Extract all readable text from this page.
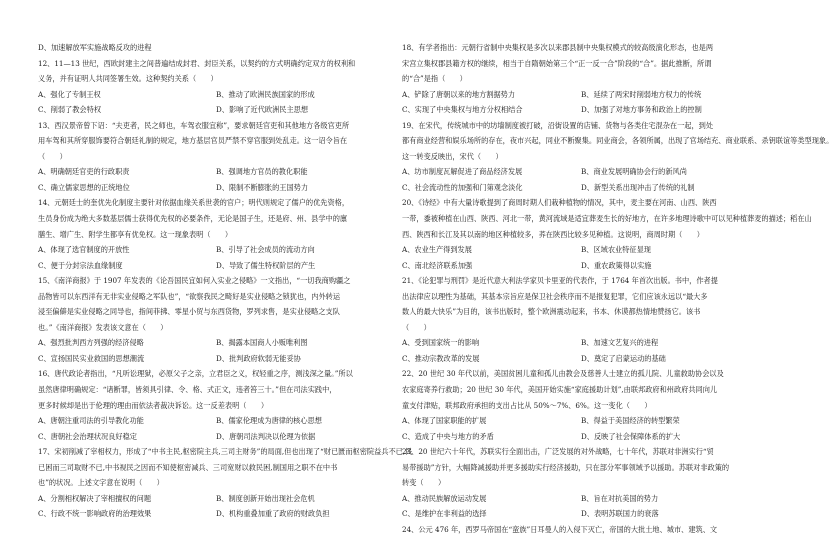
D、加速解放军实施战略反攻的进程
12、11—13 世纪，西欧封建主之间普遍结成封君、封臣关系，以契约的方式明确约定双方的权利和
义务，并有证明人共同签署生效。这种契约关系（　　）
A、强化了专制王权	B、推动了欧洲民族国家的形成
C、削弱了教会特权	D、影响了近代欧洲民主思想
13、西汉景帝曾下诏：“夫吏者，民之师也，车驾衣服宜称”，要求朝廷官吏和其他地方各级官吏所
用车驾和其所穿服饰要符合朝廷礼制的规定，地方基层官员严禁不穿官服到处乱走。这一诏令旨在
（　　）
A、明确朝廷官吏的行政职责	B、强调地方官员的教化职能
C、确立儒家思想的正统地位	D、限制不断膨胀的王国势力
14、元朝廷士的奎优先化制度主要针对依据血缘关系世袭的官户；明代则规定了儒户的优先资格，
生员身份成为绝大多数基层儒士获得优先权的必要条件，无论是国子生，还是府、州、县学中的廪
膳生、增广生、附学生都享有优免权。这一现象表明（　　）
A、体现了选官制度的开放性	B、引导了社会成员的流动方向
C、便于分封宗法血缘制度	D、导致了儒生特权阶层的产生
15、《南洋商报》于 1907 年发表的《论吾国民宜如何入实业之侵略》一文指出，“一切我商购疆之
品物皆可以东西洋有无非实业侵略之军队也”，“欲察我民之畸好是实业侵略之锁犹也，内外转运
浸至偏僻是实业侵略之同导也，指间菲拂、零星小贸与东西货物，罗列求售，是实业侵略之支队
也。”《南洋商报》发表该文意在（　　）
A、强烈批判西方列强的经济侵略	B、揭露本国商人小贩唯利图
C、宣扬国民实业救国的思想潮流	D、批判政府软弱无能妥协
16、唐代政论者指出，“凡听讼理狱，必原父子之亲，立君臣之义，权轻重之序，测浅深之量。”所以
虽然唐律明确规定：“诸断罪，皆须具引律、令、格、式正文，违者笞三十。”但在司法实践中，
更多时候却是出于伦理的理由而依法者裁决诉讼。这一反差表明（　　）
A、唐朝注重司法的引导教化功能	B、儒家伦理成为唐律的核心思想
C、唐朝社会治理状况良好稳定	D、唐朝司法判决以伦理为依据
17、宋初削减了宰相权力，形成了“中书主民,枢密院主兵,三司主财务”的局面,但也出现了“财已匮而枢密院益兵不已,民
已困而三司取财不已,中书视民之因而不知使枢密减兵、三司宽财以救民困,制国用之职不在中书
也”的状况。上述文字意在说明（　　）
A、分割相权解决了宰相擅权的问题	B、制度创新开始出现社会危机
C、行政不统一影响政府的治理效果	D、机构重叠加重了政府的财政负担
18、有学者指出：元朝行省制中央集权是多次以来郡县制中央集权模式的较高级演化形态，也是两
宋宫立集权郡县籍方权的继续，相当于自隋朝始第三个“正一反一合”阶段的“合”。据此推断，所谓
的“合”是指（　　）
A、铲除了唐朝以来的地方割据势力	B、延续了两宋时削弱地方权力的传统
C、实现了中央集权与地方分权相结合	D、加强了对地方事务和政治上的控制
19、在宋代，传统城市中的坊墙制度被打破，沿街设置的店铺、货物与各类住宅混杂在一起，到处
都有商业经营和娱乐场所的存在，夜市兴起，同业不断聚集。同业商会，各领所属，出现了官场结充、商业联系、杀钥联谊等类型现象。
这一转变反映出，宋代（　　）
A、坊市制度瓦解促进了商品经济发展	B、商业发展明确协会行的新风尚
C、社会流动性的加强和门第观念淡化	D、新型关系出现冲击了传统的礼制
20、《诗经》中有大量诗歌提到了商周时期人们栽种植物的情况，其中，麦主要在河南、山西、陕西
一带，黍被种植在山西、陕西、河北一带，黄河流域是适宜葬麦生长的好地方，在许多地理诗歌中可以见种植葬麦的描述；稻在山
西、陕西和长江及其以南的地区种植较多，荞在陕西比较多见种植。这说明，商周时期（　　）
A、农业生产得到发展	B、区域农业特征显现
C、南北经济联系加强	D、重农政策得以实施
21、《论犯罪与刑罚》是近代意大利法学家贝卡里亚的代表作，于 1764 年首次出版。书中，作者提
出法律应以理性为基础，其基本宗旨应是保卫社会秩序而不是报复犯罪，它们应该永远以“最大多
数人的最大快乐”为目的，该书出版时，整个欧洲震动起来，书本、休谟都热情地赞扬它。该书
（　　）
A、受到国家统一的影响	B、加速文艺复兴的进程
C、推动宗教改革的发展	D、奠定了启蒙运动的基础
22、20 世纪 30 年代以前，美国贫困儿童和孤儿由教会及慈善人士建立的孤儿院、儿童救助协会以及
农家庭寄养行救助；20 世纪 30 年代，美国开始实施“家庭援助计划”,由联邦政府和州政府共同向儿
童支付津贴，联邦政府承担的支出占比从 50%～7%、6%。这一变化（　　）
A、体现了国家职能的扩展	B、得益于美国经济的转型繁荣
C、造成了中央与地方的矛盾	D、反映了社会保障体系的扩大
23、20 世纪六十年代，苏联实行全面出击，广泛发展的对外战略，七十年代，苏联对非洲实行“贸
易带援助”方针，大幅降减援助并更多援助实行经济援助，只在部分军事领域予以援助。苏联对非政策的
转变（　　）
A、推动民族解放运动发展	B、旨在对抗美国的势力
C、是维护在非利益的选择	D、表明苏联国力的衰落
24、公元 476 年，西罗马帝国在“蛮族”日耳曼人的入侵下灭亡，帝国的大批土地、城市、建筑、文
